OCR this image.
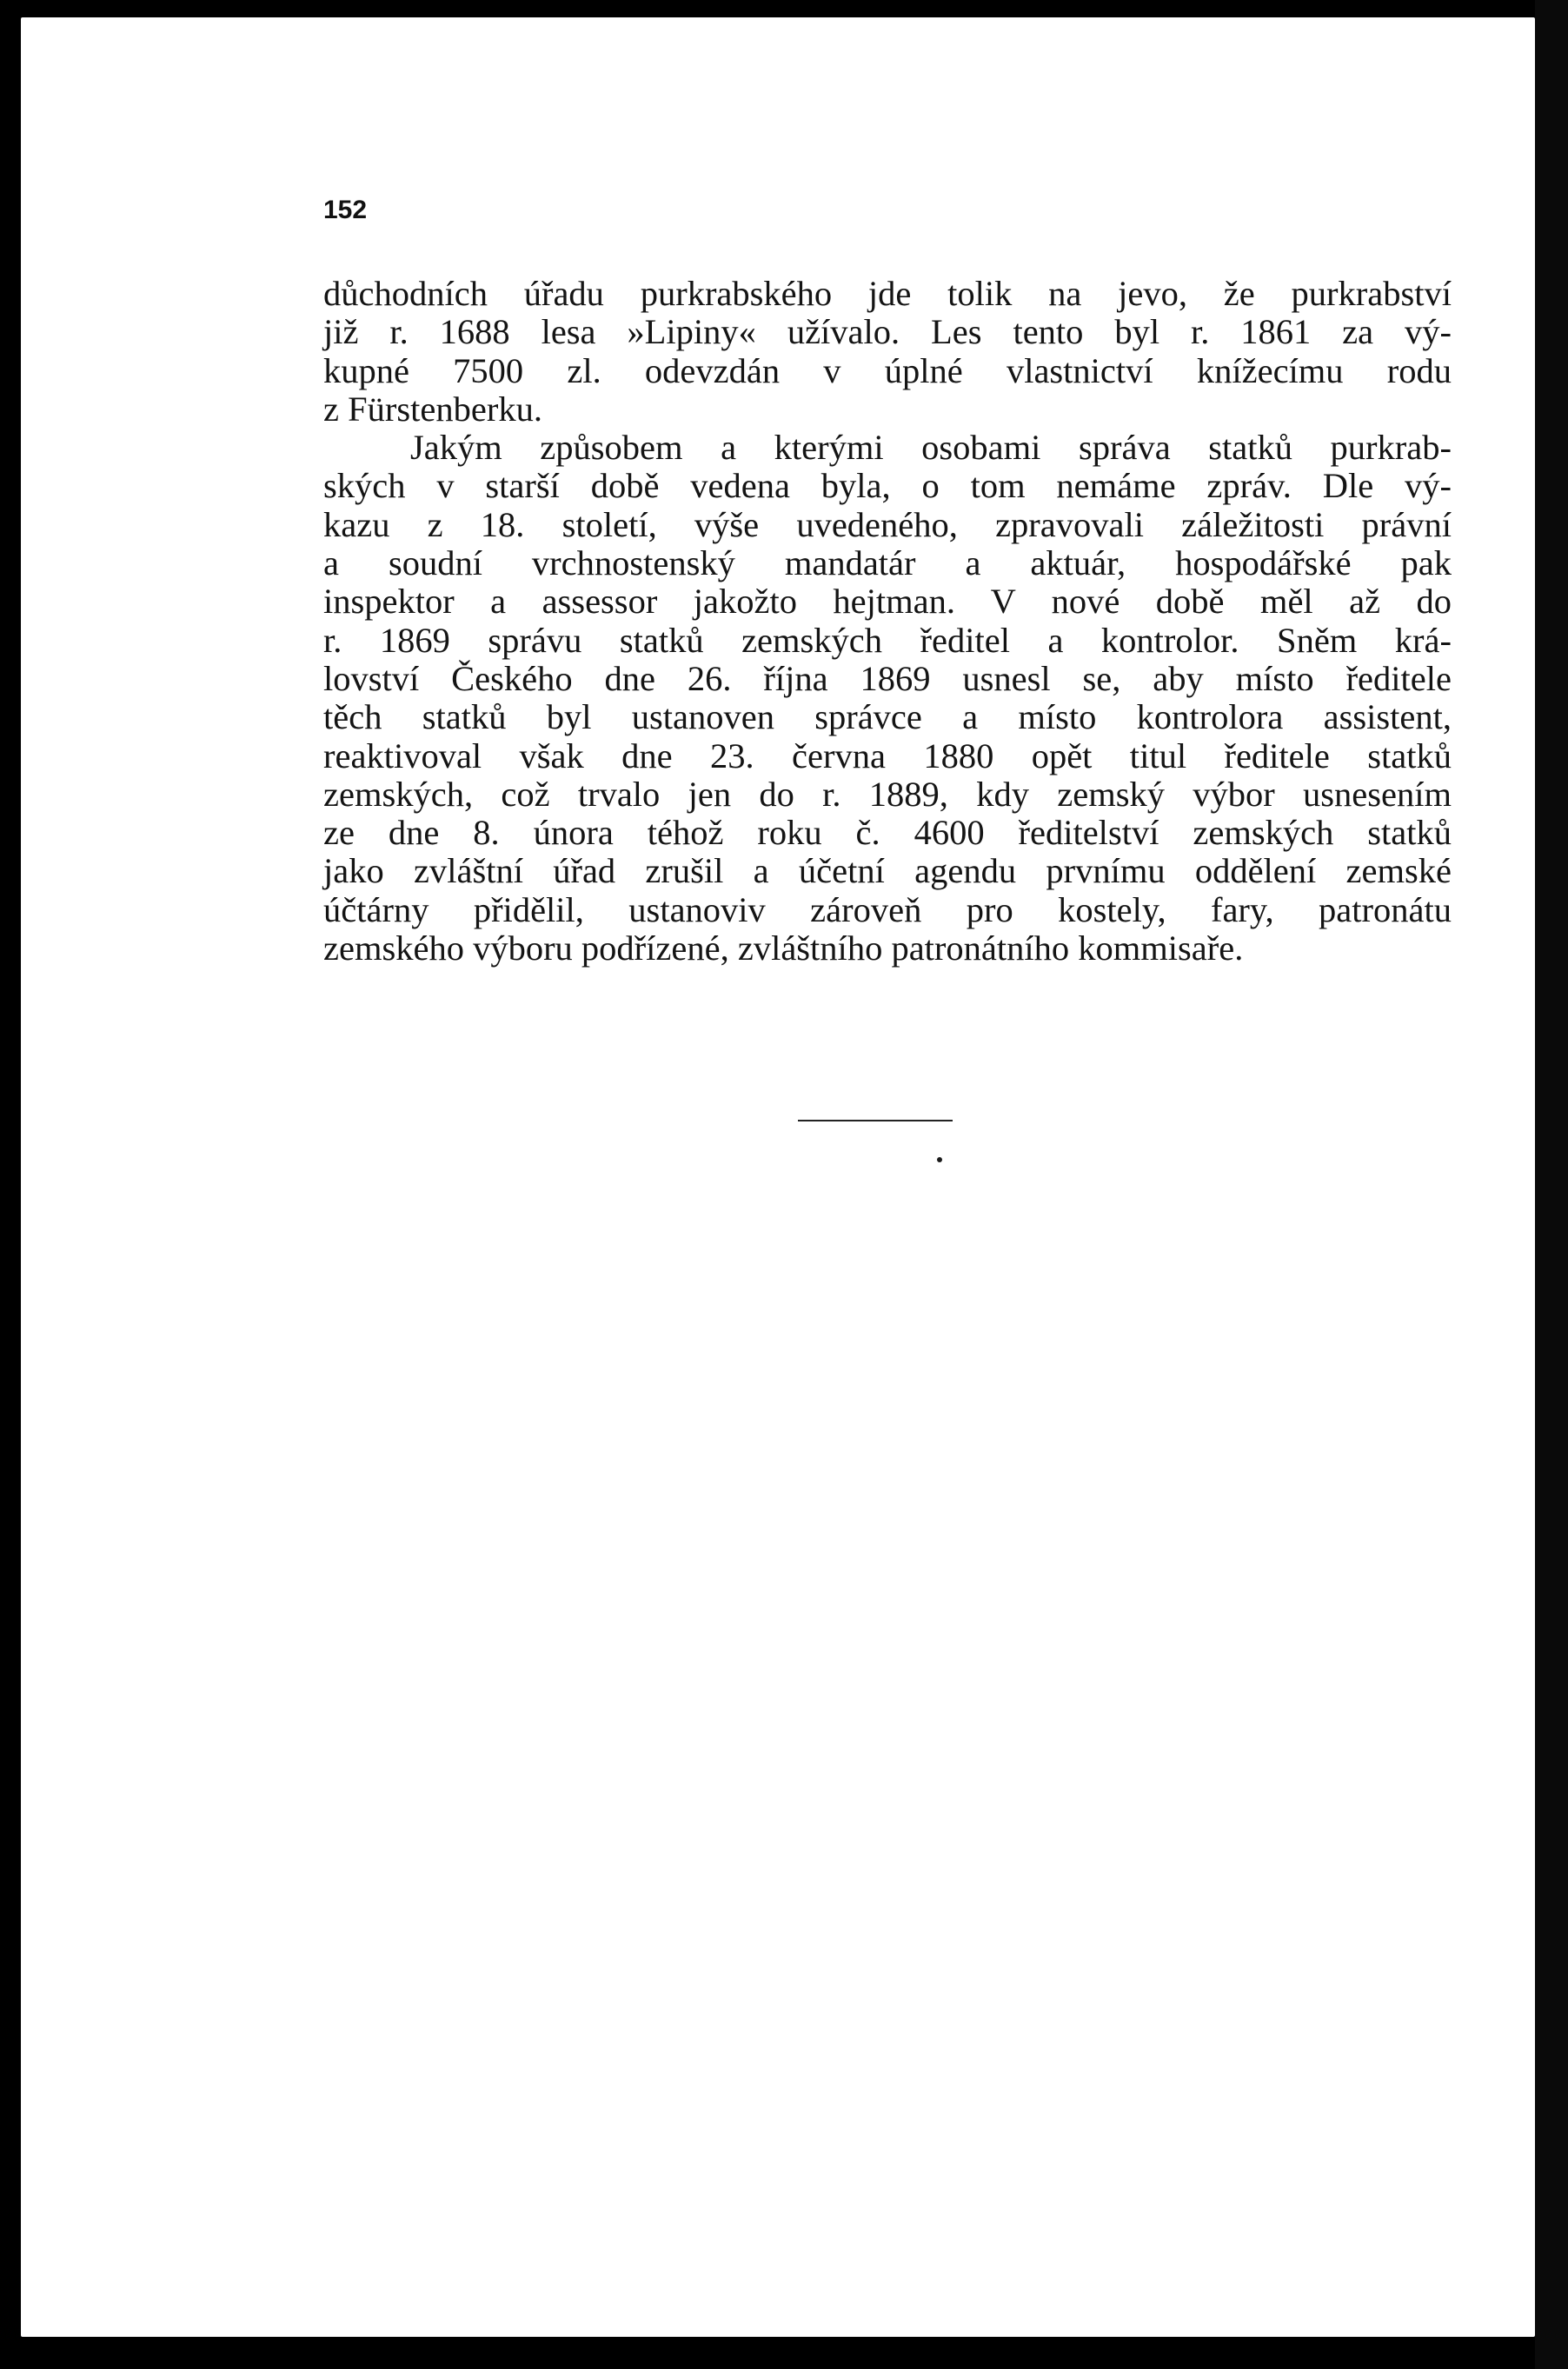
152

důchodních úřadu purkrabského jde tolik na jevo, že purkrabství
již r. 1688 lesa »Lipiny« užívalo. Les tento byl r. 1861 za vý-
kupné 7500 zl. odevzdán v úplné vlastnictví knížecímu rodu
z Fürstenberku.
Jakým způsobem a kterými osobami správa statků purkrab-
ských v starší době vedena byla, o tom nemáme zpráv. Dle vý-
kazu z 18. století, výše uvedeného, zpravovali záležitosti právní
a soudní vrchnostenský mandatár a aktuár, hospodářské pak
inspektor a assessor jakožto hejtman. V nové době měl až do
r. 1869 správu statků zemských ředitel a kontrolor. Sněm krá-
lovství Českého dne 26. října 1869 usnesl se, aby místo ředitele
těch statků byl ustanoven správce a místo kontrolora assistent,
reaktivoval však dne 23. června 1880 opět titul ředitele statků
zemských, což trvalo jen do r. 1889, kdy zemský výbor usnesením
ze dne 8. února téhož roku č. 4600 ředitelství zemských statků
jako zvláštní úřad zrušil a účetní agendu prvnímu oddělení zemské
účtárny přidělil, ustanoviv zároveň pro kostely, fary, patronátu
zemského výboru podřízené, zvláštního patronátního kommisaře.
